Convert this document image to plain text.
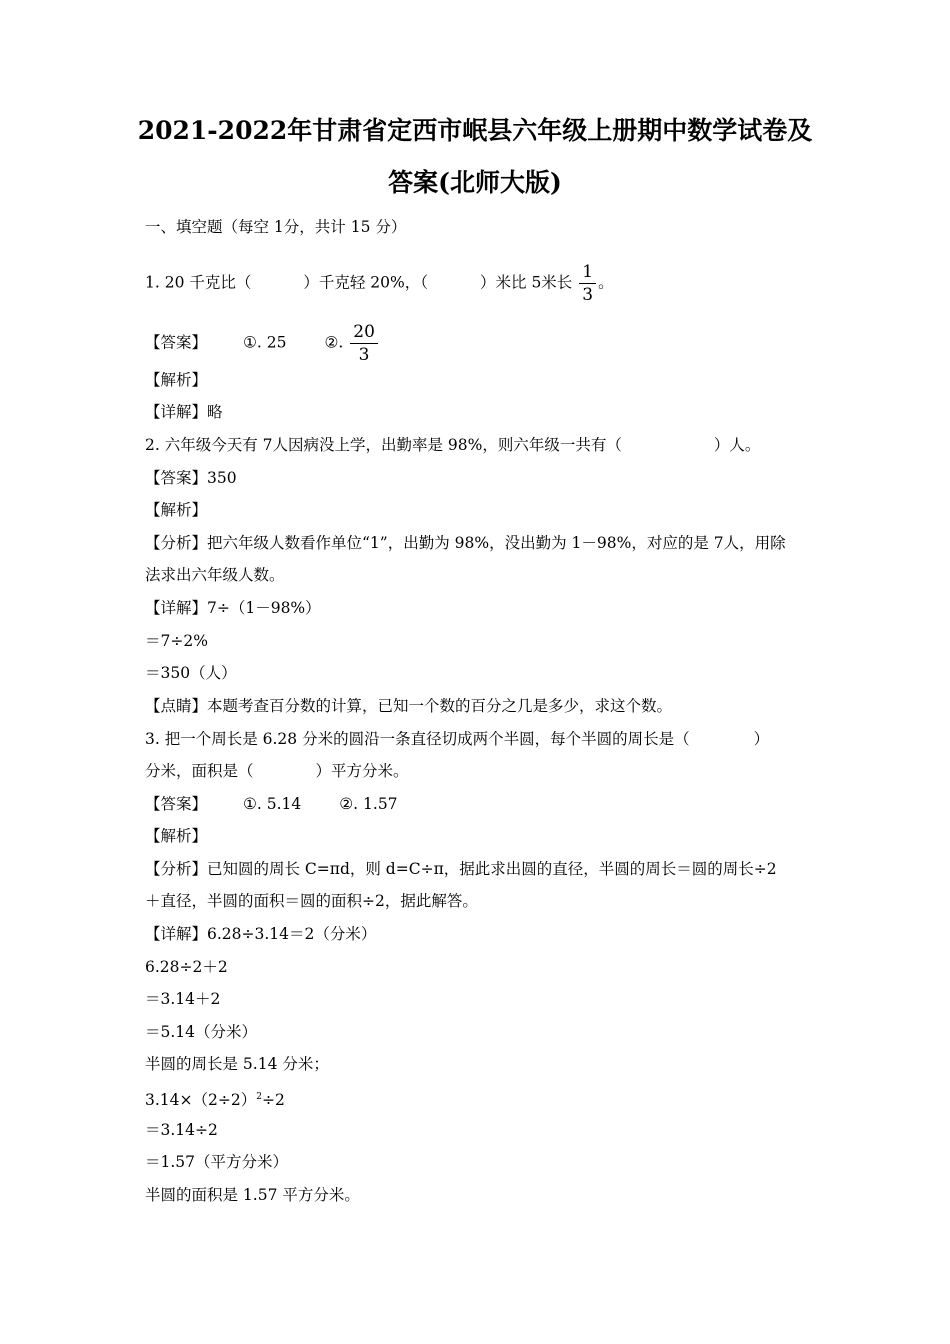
2021-2022年甘肃省定西市岷县六年级上册期中数学试卷及
答案(北师大版)
一、填空题（每空 1分，共计 15 分）
1. 20 千克比（	）千克轻 20%，（	）米比 5米长 $\frac{1}{3}$ 。
【答案】 ①. 25 ②. $\frac{20}{3}$
【解析】
【详解】略
2. 六年级今天有 7人因病没上学，出勤率是 98%，则六年级一共有（	）人。
【答案】350
【解析】
【分析】把六年级人数看作单位“1”，出勤为 98%，没出勤为 1－98%，对应的是 7人，用除
法求出六年级人数。
【详解】7÷（1－98%）
＝7÷2%
＝350（人）
【点睛】本题考查百分数的计算，已知一个数的百分之几是多少，求这个数。
3. 把一个周长是 6.28 分米的圆沿一条直径切成两个半圆，每个半圆的周长是（	）
分米，面积是（	）平方分米。
【答案】 ①. 5.14 ②. 1.57
【解析】
【分析】已知圆的周长 C=πd，则 d=C÷π，据此求出圆的直径，半圆的周长＝圆的周长÷2
＋直径，半圆的面积＝圆的面积÷2，据此解答。
【详解】6.28÷3.14＝2（分米）
6.28÷2＋2
＝3.14＋2
＝5.14（分米）
半圆的周长是 5.14 分米；
$3.14\times(2\div 2)^2\div 2$
＝3.14÷2
＝1.57（平方分米）
半圆的面积是 1.57 平方分米。
